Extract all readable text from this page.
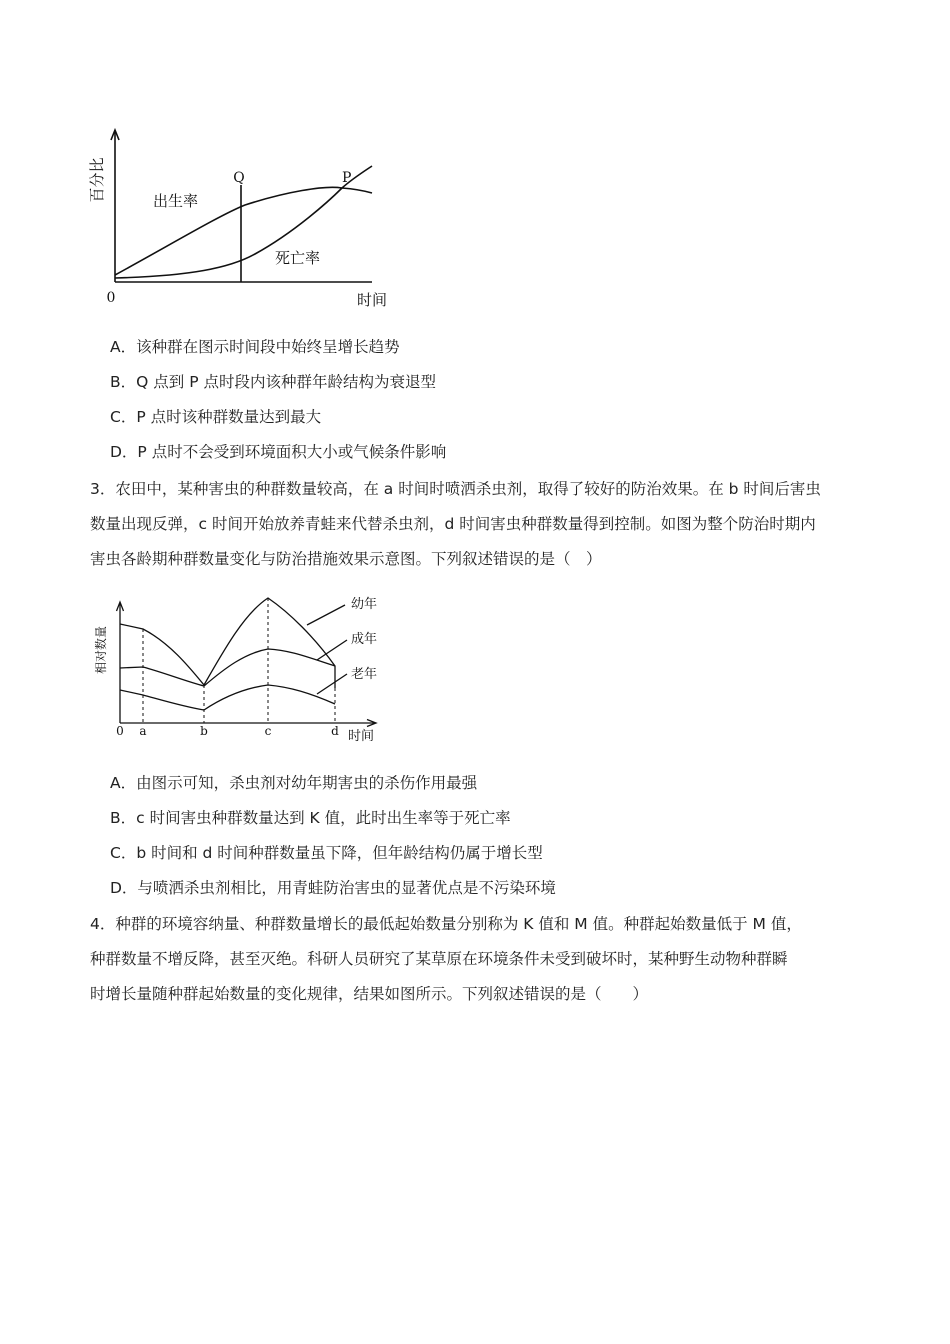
百分比
时间
0
出生率
死亡率
Q	P
A．该种群在图示时间段中始终呈增长趋势
B．Q 点到 P 点时段内该种群年龄结构为衰退型
C．P 点时该种群数量达到最大
D．P 点时不会受到环境面积大小或气候条件影响

3．农田中，某种害虫的种群数量较高，在 a 时间时喷洒杀虫剂，取得了较好的防治效果。在 b 时间后害虫

数量出现反弹，c 时间开始放养青蛙来代替杀虫剂，d 时间害虫种群数量得到控制。如图为整个防治时期内

害虫各龄期种群数量变化与防治措施效果示意图。下列叙述错误的是（　）

相对数量
时间
0 a	b	c	d
幼年
成年
老年
A．由图示可知，杀虫剂对幼年期害虫的杀伤作用最强
B．c 时间害虫种群数量达到 K 值，此时出生率等于死亡率
C．b 时间和 d 时间种群数量虽下降，但年龄结构仍属于增长型
D．与喷洒杀虫剂相比，用青蛙防治害虫的显著优点是不污染环境

4．种群的环境容纳量、种群数量增长的最低起始数量分别称为 K 值和 M 值。种群起始数量低于 M 值，

种群数量不增反降，甚至灭绝。科研人员研究了某草原在环境条件未受到破坏时，某种野生动物种群瞬

时增长量随种群起始数量的变化规律，结果如图所示。下列叙述错误的是（　　）
